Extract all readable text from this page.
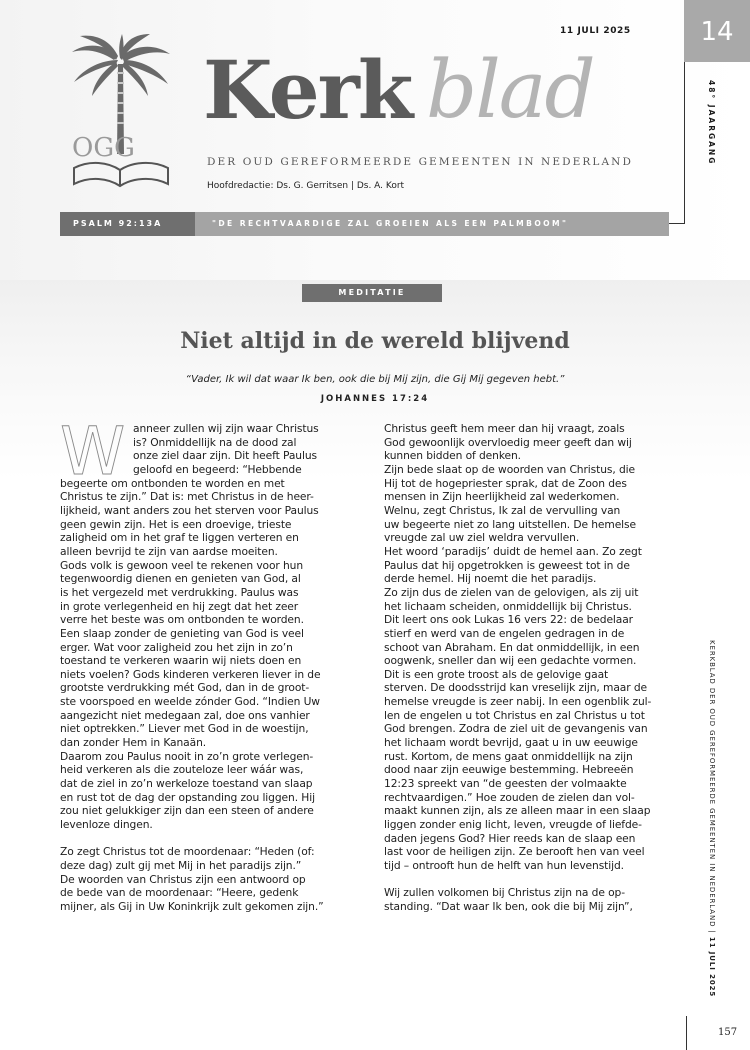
OGG
11 JULI 2025	14
48° JAARGANG
Kerk blad
DER OUD GEREFORMEERDE GEMEENTEN IN NEDERLAND
Hoofdredactie: Ds. G. Gerritsen | Ds. A. Kort
PSALM 92:13A	"DE RECHTVAARDIGE ZAL GROEIEN ALS EEN PALMBOOM"
MEDITATIE
Niet altijd in de wereld blijvend
“Vader, Ik wil dat waar Ik ben, ook die bij Mij zijn, die Gij Mij gegeven hebt.”
JOHANNES 17:24
W anneer zullen wij zijn waar Christus

is? Onmiddellijk na de dood zal

onze ziel daar zijn. Dit heeft Paulus

geloofd en begeerd: “Hebbende

begeerte om ontbonden te worden en met

Christus te zijn.” Dat is: met Christus in de heer-

lijkheid, want anders zou het sterven voor Paulus

geen gewin zijn. Het is een droevige, trieste

zaligheid om in het graf te liggen verteren en

alleen bevrijd te zijn van aardse moeiten.

Gods volk is gewoon veel te rekenen voor hun

tegenwoordig dienen en genieten van God, al

is het vergezeld met verdrukking. Paulus was

in grote verlegenheid en hij zegt dat het zeer

verre het beste was om ontbonden te worden.

Een slaap zonder de genieting van God is veel

erger. Wat voor zaligheid zou het zijn in zo’n

toestand te verkeren waarin wij niets doen en

niets voelen? Gods kinderen verkeren liever in de

grootste verdrukking mét God, dan in de groot-

ste voorspoed en weelde zónder God. “Indien Uw

aangezicht niet medegaan zal, doe ons vanhier

niet optrekken.” Liever met God in de woestijn,

dan zonder Hem in Kanaän.

Daarom zou Paulus nooit in zo’n grote verlegen-

heid verkeren als die zouteloze leer wáár was,

dat de ziel in zo’n werkeloze toestand van slaap

en rust tot de dag der opstanding zou liggen. Hij

zou niet gelukkiger zijn dan een steen of andere

levenloze dingen.

Zo zegt Christus tot de moordenaar: “Heden (of:

deze dag) zult gij met Mij in het paradijs zijn.”

De woorden van Christus zijn een antwoord op

de bede van de moordenaar: “Heere, gedenk

mijner, als Gij in Uw Koninkrijk zult gekomen zijn.”

Christus geeft hem meer dan hij vraagt, zoals

God gewoonlijk overvloedig meer geeft dan wij

kunnen bidden of denken.

Zijn bede slaat op de woorden van Christus, die

Hij tot de hogepriester sprak, dat de Zoon des

mensen in Zijn heerlijkheid zal wederkomen.

Welnu, zegt Christus, Ik zal de vervulling van

uw begeerte niet zo lang uitstellen. De hemelse

vreugde zal uw ziel weldra vervullen.

Het woord ‘paradijs’ duidt de hemel aan. Zo zegt

Paulus dat hij opgetrokken is geweest tot in de

derde hemel. Hij noemt die het paradijs.

Zo zijn dus de zielen van de gelovigen, als zij uit

het lichaam scheiden, onmiddellijk bij Christus.

Dit leert ons ook Lukas 16 vers 22: de bedelaar

stierf en werd van de engelen gedragen in de

schoot van Abraham. En dat onmiddellijk, in een

oogwenk, sneller dan wij een gedachte vormen.

Dit is een grote troost als de gelovige gaat

sterven. De doodsstrijd kan vreselijk zijn, maar de

hemelse vreugde is zeer nabij. In een ogenblik zul-

len de engelen u tot Christus en zal Christus u tot

God brengen. Zodra de ziel uit de gevangenis van

het lichaam wordt bevrijd, gaat u in uw eeuwige

rust. Kortom, de mens gaat onmiddellijk na zijn

dood naar zijn eeuwige bestemming. Hebreeën

12:23 spreekt van “de geesten der volmaakte

rechtvaardigen.” Hoe zouden de zielen dan vol-

maakt kunnen zijn, als ze alleen maar in een slaap

liggen zonder enig licht, leven, vreugde of liefde-

daden jegens God? Hier reeds kan de slaap een

last voor de heiligen zijn. Ze berooft hen van veel

tijd – ontrooft hun de helft van hun levenstijd.

Wij zullen volkomen bij Christus zijn na de op-

standing. “Dat waar Ik ben, ook die bij Mij zijn”,	KERKBLAD DER OUD GEREFORMEERDE GEMEENTEN IN NEDERLAND | 11 JULI 2025
157
